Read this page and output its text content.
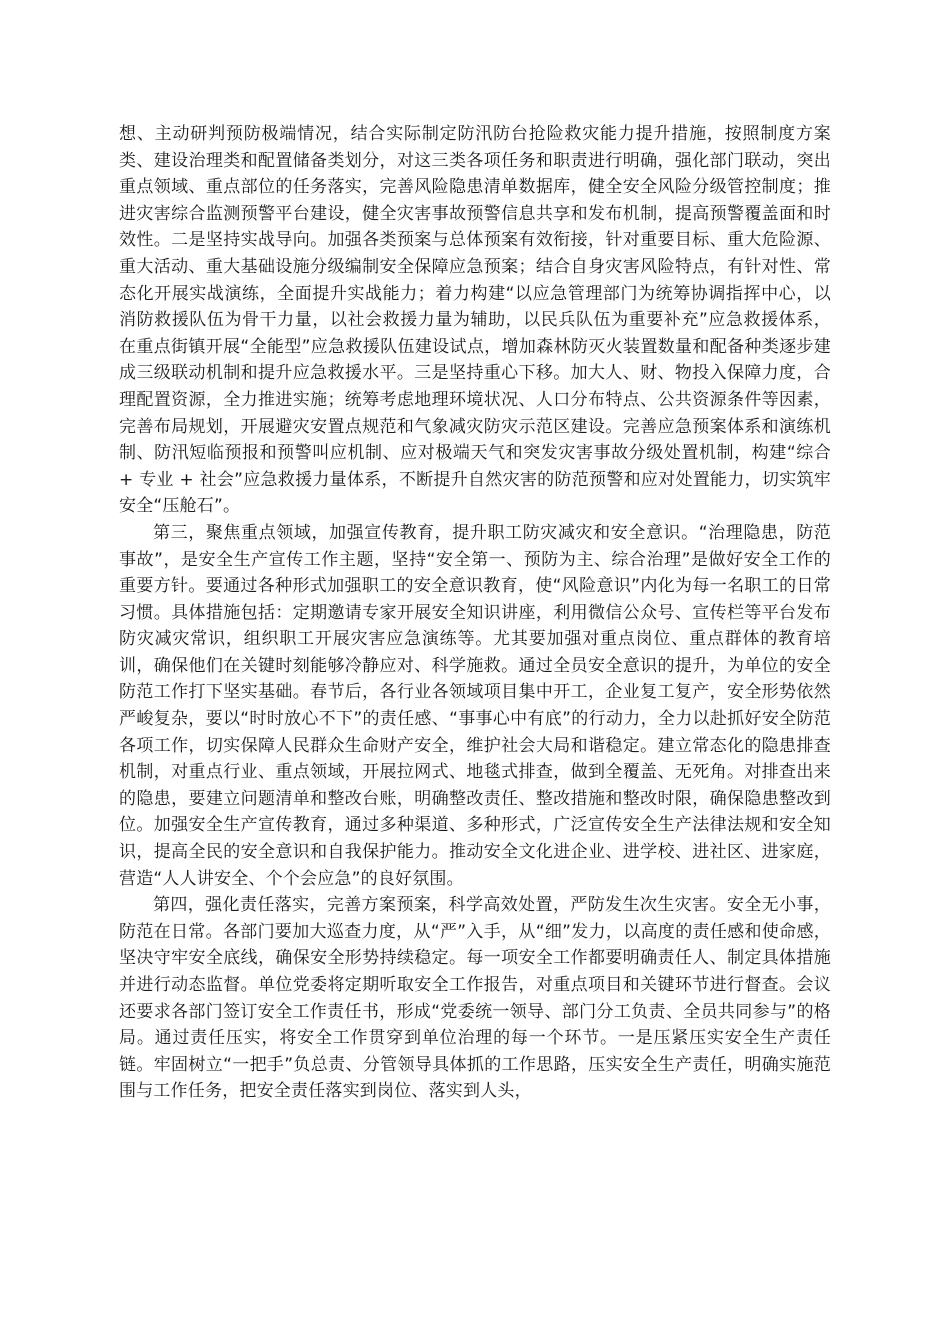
想、主动研判预防极端情况，结合实际制定防汛防台抢险救灾能力提升措施，按照制度方案类、建设治理类和配置储备类划分，对这三类各项任务和职责进行明确，强化部门联动，突出重点领域、重点部位的任务落实，完善风险隐患清单数据库，健全安全风险分级管控制度；推进灾害综合监测预警平台建设，健全灾害事故预警信息共享和发布机制，提高预警覆盖面和时效性。二是坚持实战导向。加强各类预案与总体预案有效衔接，针对重要目标、重大危险源、重大活动、重大基础设施分级编制安全保障应急预案；结合自身灾害风险特点，有针对性、常态化开展实战演练，全面提升实战能力；着力构建“以应急管理部门为统筹协调指挥中心，以消防救援队伍为骨干力量，以社会救援力量为辅助，以民兵队伍为重要补充”应急救援体系，在重点街镇开展“全能型”应急救援队伍建设试点，增加森林防灭火装置数量和配备种类逐步建成三级联动机制和提升应急救援水平。三是坚持重心下移。加大人、财、物投入保障力度，合理配置资源，全力推进实施；统筹考虑地理环境状况、人口分布特点、公共资源条件等因素，完善布局规划，开展避灾安置点规范和气象减灾防灾示范区建设。完善应急预案体系和演练机制、防汛短临预报和预警叫应机制、应对极端天气和突发灾害事故分级处置机制，构建“综合 + 专业 + 社会”应急救援力量体系，不断提升自然灾害的防范预警和应对处置能力，切实筑牢安全“压舱石”。

第三，聚焦重点领域，加强宣传教育，提升职工防灾减灾和安全意识。“治理隐患，防范事故”，是安全生产宣传工作主题，坚持“安全第一、预防为主、综合治理”是做好安全工作的重要方针。要通过各种形式加强职工的安全意识教育，使“风险意识”内化为每一名职工的日常习惯。具体措施包括：定期邀请专家开展安全知识讲座，利用微信公众号、宣传栏等平台发布防灾减灾常识，组织职工开展灾害应急演练等。尤其要加强对重点岗位、重点群体的教育培训，确保他们在关键时刻能够冷静应对、科学施救。通过全员安全意识的提升，为单位的安全防范工作打下坚实基础。春节后，各行业各领域项目集中开工，企业复工复产，安全形势依然严峻复杂，要以“时时放心不下”的责任感、“事事心中有底”的行动力，全力以赴抓好安全防范各项工作，切实保障人民群众生命财产安全，维护社会大局和谐稳定。建立常态化的隐患排查机制，对重点行业、重点领域，开展拉网式、地毯式排查，做到全覆盖、无死角。对排查出来的隐患，要建立问题清单和整改台账，明确整改责任、整改措施和整改时限，确保隐患整改到位。加强安全生产宣传教育，通过多种渠道、多种形式，广泛宣传安全生产法律法规和安全知识，提高全民的安全意识和自我保护能力。推动安全文化进企业、进学校、进社区、进家庭，营造“人人讲安全、个个会应急”的良好氛围。

第四，强化责任落实，完善方案预案，科学高效处置，严防发生次生灾害。安全无小事，防范在日常。各部门要加大巡查力度，从“严”入手，从“细”发力，以高度的责任感和使命感，坚决守牢安全底线，确保安全形势持续稳定。每一项安全工作都要明确责任人、制定具体措施并进行动态监督。单位党委将定期听取安全工作报告，对重点项目和关键环节进行督查。会议还要求各部门签订安全工作责任书，形成“党委统一领导、部门分工负责、全员共同参与”的格局。通过责任压实，将安全工作贯穿到单位治理的每一个环节。一是压紧压实安全生产责任链。牢固树立“一把手”负总责、分管领导具体抓的工作思路，压实安全生产责任，明确实施范围与工作任务，把安全责任落实到岗位、落实到人头，
